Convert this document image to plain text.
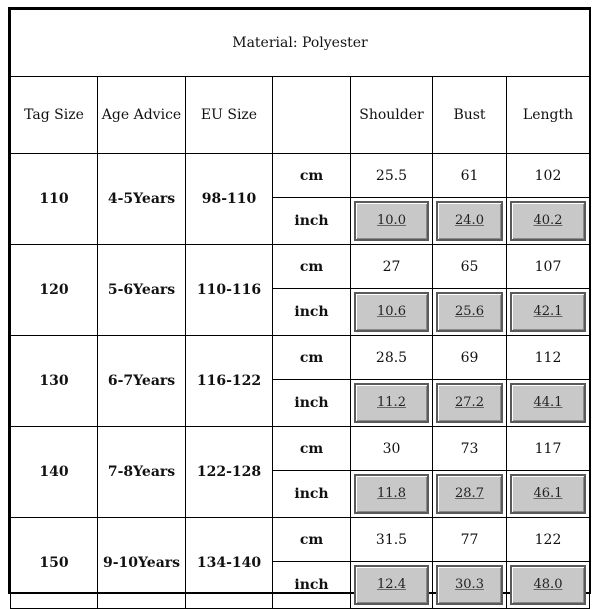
Material: Polyester						
Tag Size	Age Advice	EU Size		Shoulder	Bust	Length
110	4-5Years	98-110	cm	25.5	61	102
			inch	10.0	24.0	40.2

120	5-6Years	110-116	cm	27	65	107
			inch	10.6	25.6	42.1

130	6-7Years	116-122	cm	28.5	69	112
			inch	11.2	27.2	44.1

140	7-8Years	122-128	cm	30	73	117
			inch	11.8	28.7	46.1

150	9-10Years	134-140	cm	31.5	77	122
			inch	12.4	30.3	48.0
